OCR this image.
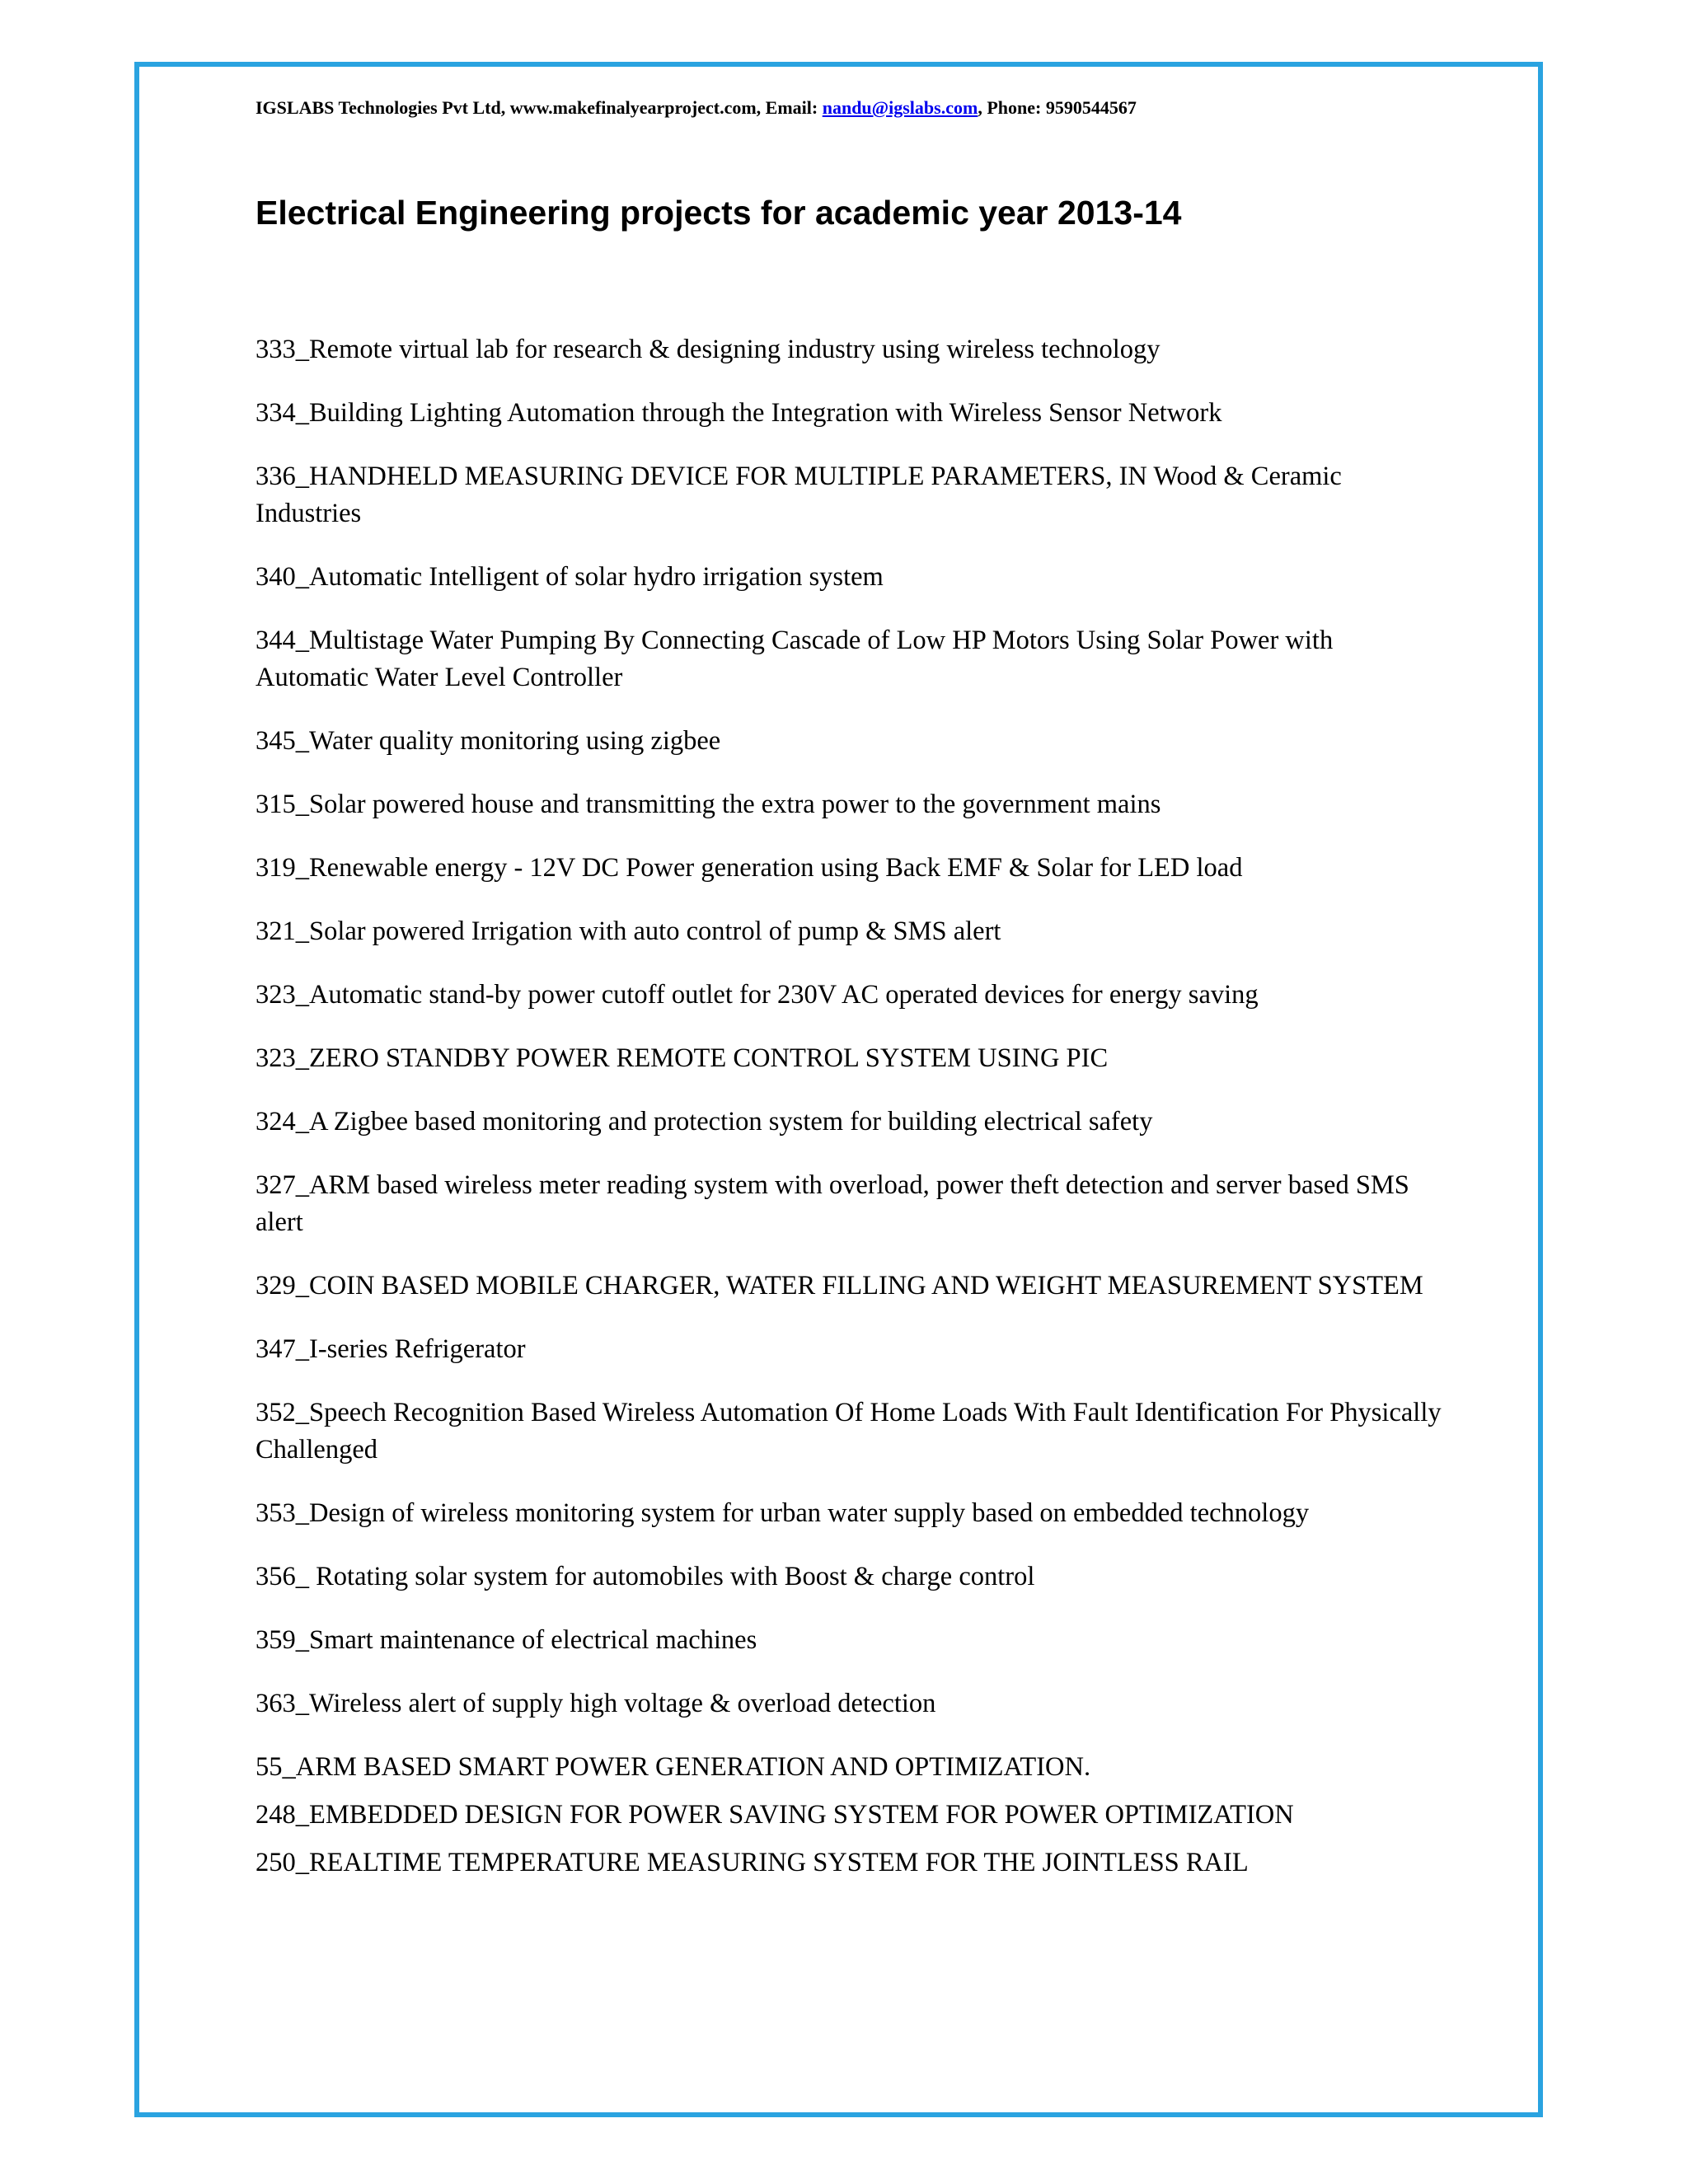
IGSLABS Technologies Pvt Ltd, www.makefinalyearproject.com, Email: nandu@igslabs.com, Phone: 9590544567
Electrical Engineering projects for academic year 2013-14
333_Remote virtual lab for research & designing industry using wireless technology
334_Building Lighting Automation through the Integration with Wireless Sensor Network
336_HANDHELD MEASURING DEVICE FOR MULTIPLE PARAMETERS, IN Wood & Ceramic Industries
340_Automatic Intelligent of solar hydro irrigation system
344_Multistage Water Pumping By Connecting Cascade of Low HP Motors Using Solar Power with Automatic Water Level Controller
345_Water quality monitoring using zigbee
315_Solar powered house and transmitting the extra power to the government mains
319_Renewable energy - 12V DC Power generation using Back EMF & Solar for LED load
321_Solar powered Irrigation with auto control of pump & SMS alert
323_Automatic stand-by power cutoff outlet for 230V AC operated devices for energy saving
323_ZERO STANDBY POWER REMOTE CONTROL SYSTEM USING PIC
324_A Zigbee based monitoring and protection system for building electrical safety
327_ARM based wireless meter reading system with overload, power theft detection and server based SMS alert
329_COIN BASED MOBILE CHARGER, WATER FILLING AND WEIGHT MEASUREMENT SYSTEM
347_I-series Refrigerator
352_Speech Recognition Based Wireless Automation Of Home Loads With Fault Identification For Physically Challenged
353_Design of wireless monitoring system for urban water supply based on embedded technology
356_ Rotating solar system for automobiles with Boost & charge control
359_Smart maintenance of electrical machines
363_Wireless alert of supply high voltage & overload detection
55_ARM BASED SMART POWER GENERATION AND OPTIMIZATION.
248_EMBEDDED DESIGN FOR POWER SAVING SYSTEM FOR POWER OPTIMIZATION
250_REALTIME TEMPERATURE MEASURING SYSTEM FOR THE JOINTLESS RAIL
